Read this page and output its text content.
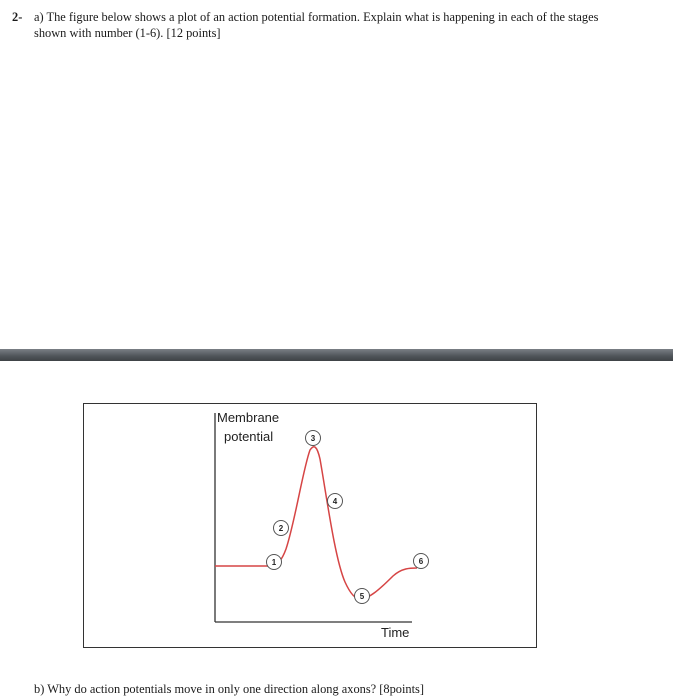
2- a) The figure below shows a plot of an action potential formation. Explain what is happening in each of the stages
shown with number (1-6). [12 points]
Membrane
potential
Time
1
2
3
4
5
6
b) Why do action potentials move in only one direction along axons? [8points]
